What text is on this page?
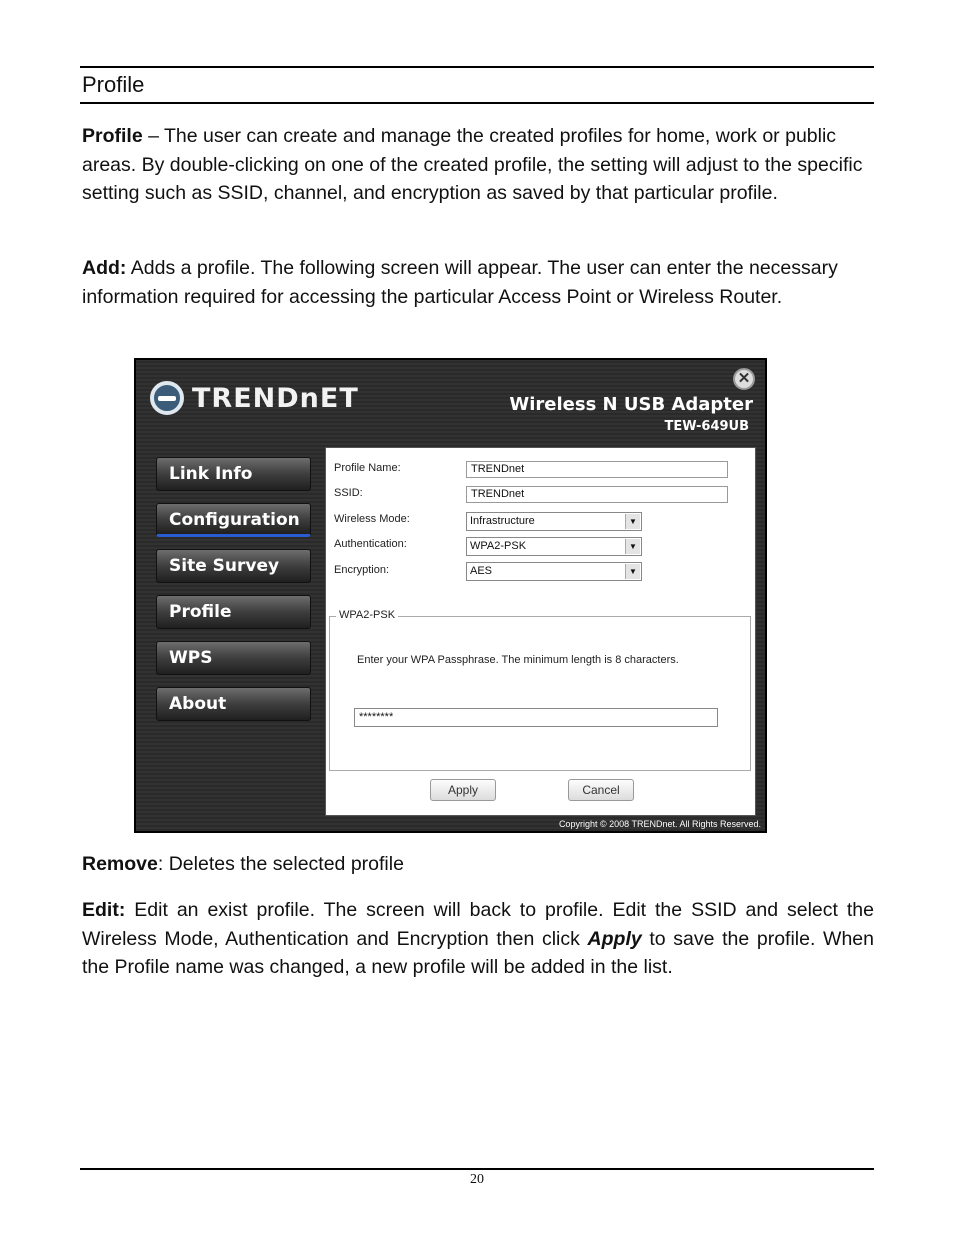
Profile
Profile – The user can create and manage the created profiles for home, work or public areas. By double-clicking on one of the created profile, the setting will adjust to the specific setting such as SSID, channel, and encryption as saved by that particular profile.
Add: Adds a profile. The following screen will appear. The user can enter the necessary information required for accessing the particular Access Point or Wireless Router.
TRENDnET
✕
Wireless N USB Adapter
TEW-649UB
Link Info
Configuration
Site Survey
Profile
WPS
About
Profile Name:	TRENDnet
SSID:	TRENDnet
Wireless Mode:	Infrastructure	▼
Authentication:	WPA2-PSK	▼
Encryption:	AES	▼
WPA2-PSK
Enter your WPA Passphrase. The minimum length is 8 characters.
********
Apply	Cancel
Copyright © 2008 TRENDnet. All Rights Reserved.
Remove: Deletes the selected profile
Edit: Edit an exist profile. The screen will back to profile. Edit the SSID and select the Wireless Mode, Authentication and Encryption then click Apply to save the profile. When the Profile name was changed, a new profile will be added in the list.
20
